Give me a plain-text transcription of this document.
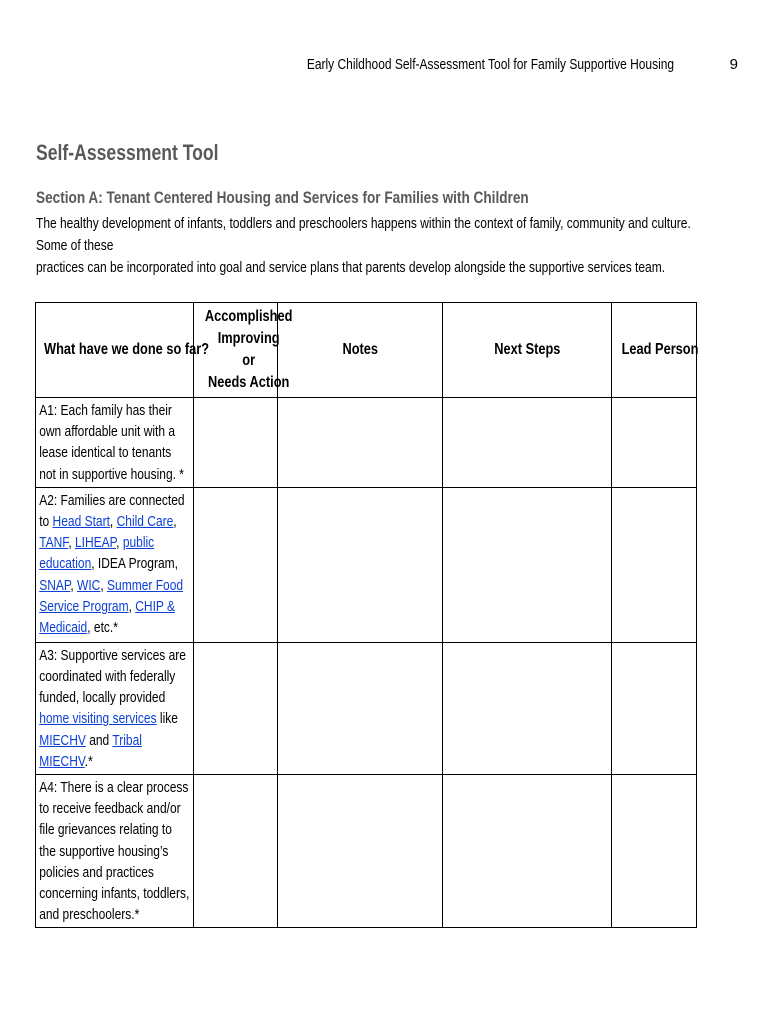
Early Childhood Self-Assessment Tool for Family Supportive Housing	9
Self-Assessment Tool
Section A: Tenant Centered Housing and Services for Families with Children

The healthy development of infants, toddlers and preschoolers happens within the context of family, community and culture. Some of these

practices can be incorporated into goal and service plans that parents develop alongside the supportive services team.

What have we done so far?	Accomplished
Improving
or
Needs Action	Notes	Next Steps	Lead Person

A1: Each family has their own affordable unit with a lease identical to tenants not in supportive housing. *				

A2: Families are connected to Head Start, Child Care, TANF, LIHEAP, public education, IDEA Program, SNAP, WIC, Summer Food Service Program, CHIP & Medicaid, etc.*				

A3: Supportive services are coordinated with federally funded, locally provided home visiting services like MIECHV and Tribal MIECHV.*				

A4: There is a clear process to receive feedback and/or file grievances relating to the supportive housing’s policies and practices concerning infants, toddlers, and preschoolers.*				
